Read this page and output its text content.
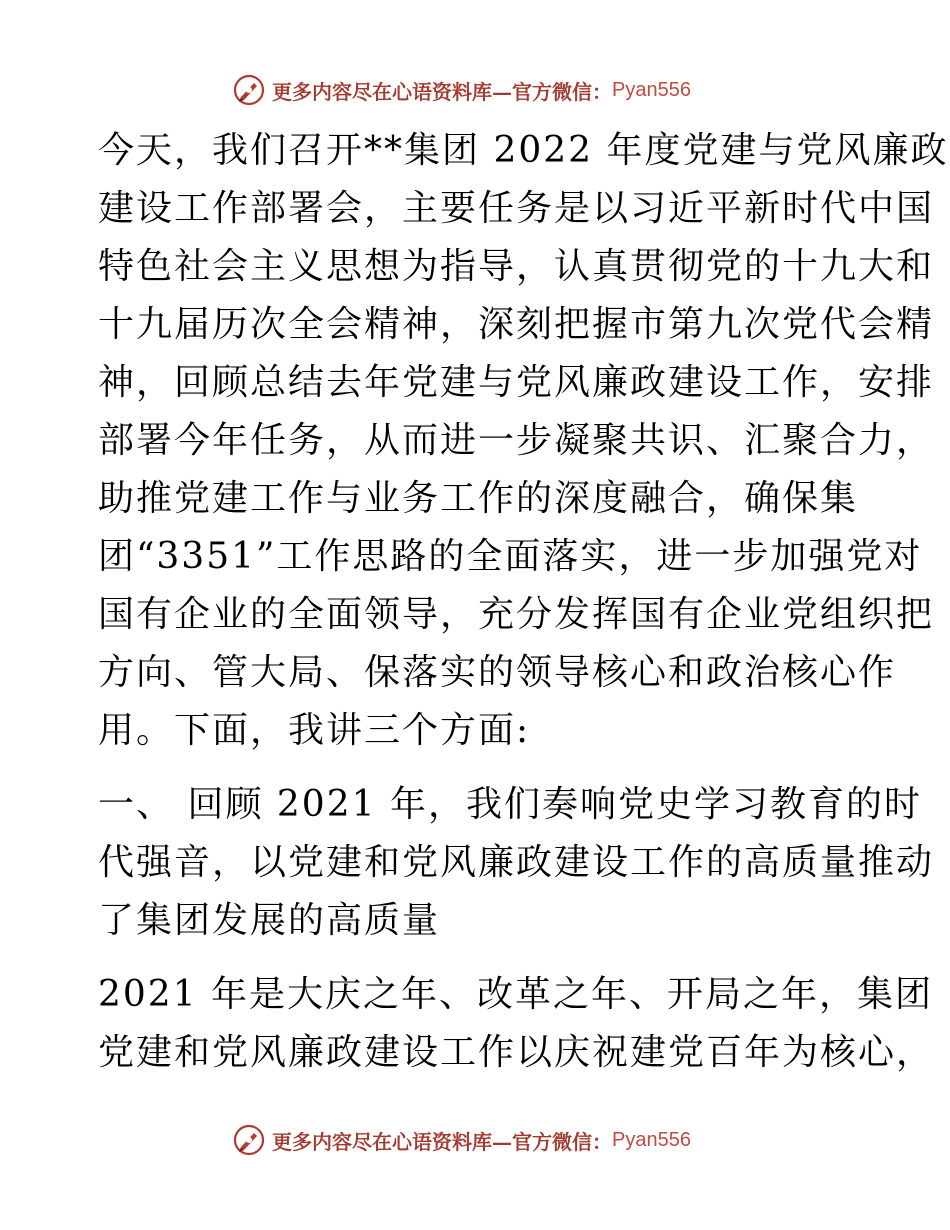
更多内容尽在心语资料库—官方微信： Pyan556

今天，我们召开**集团 2022 年度党建与党风廉政
建设工作部署会，主要任务是以习近平新时代中国
特色社会主义思想为指导，认真贯彻党的十九大和
十九届历次全会精神，深刻把握市第九次党代会精
神，回顾总结去年党建与党风廉政建设工作，安排
部署今年任务，从而进一步凝聚共识、汇聚合力，
助推党建工作与业务工作的深度融合，确保集
团“3351”工作思路的全面落实，进一步加强党对
国有企业的全面领导，充分发挥国有企业党组织把
方向、管大局、保落实的领导核心和政治核心作
用。下面，我讲三个方面:

一、 回顾 2021 年，我们奏响党史学习教育的时
代强音，以党建和党风廉政建设工作的高质量推动
了集团发展的高质量

2021 年是大庆之年、改革之年、开局之年，集团
党建和党风廉政建设工作以庆祝建党百年为核心，

更多内容尽在心语资料库—官方微信： Pyan556
